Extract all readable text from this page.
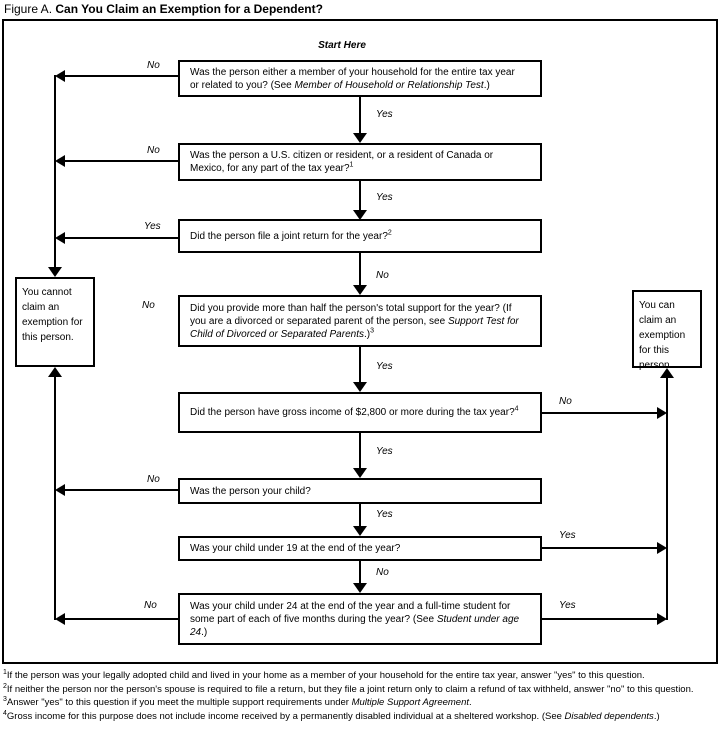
Figure A. Can You Claim an Exemption for a Dependent?
Start Here
Was the person either a member of your household for the entire tax year or related to you? (See Member of Household or Relationship Test.)
Was the person a U.S. citizen or resident, or a resident of Canada or Mexico, for any part of the tax year?$^1$
Did the person file a joint return for the year?$^2$
Did you provide more than half the person's total support for the year? (If you are a divorced or separated parent of the person, see Support Test for Child of Divorced or Separated Parents.)$^3$
Did the person have gross income of $2,800 or more during the tax year?$^4$
Was the person your child?
Was your child under 19 at the end of the year?
Was your child under 24 at the end of the year and a full-time student for some part of each of five months during the year? (See Student under age 24.)
You cannot claim an exemption for this person.
You can claim an exemption for this person.
No
Yes
No
Yes
Yes
No
No
Yes
No
Yes
No
Yes
Yes
No
No	Yes

$^1$If the person was your legally adopted child and lived in your home as a member of your household for the entire tax year, answer "yes" to this question.

$^2$If neither the person nor the person's spouse is required to file a return, but they file a joint return only to claim a refund of tax withheld, answer "no" to this question.

$^3$Answer "yes" to this question if you meet the multiple support requirements under Multiple Support Agreement.

$^4$Gross income for this purpose does not include income received by a permanently disabled individual at a sheltered workshop. (See Disabled dependents.)
